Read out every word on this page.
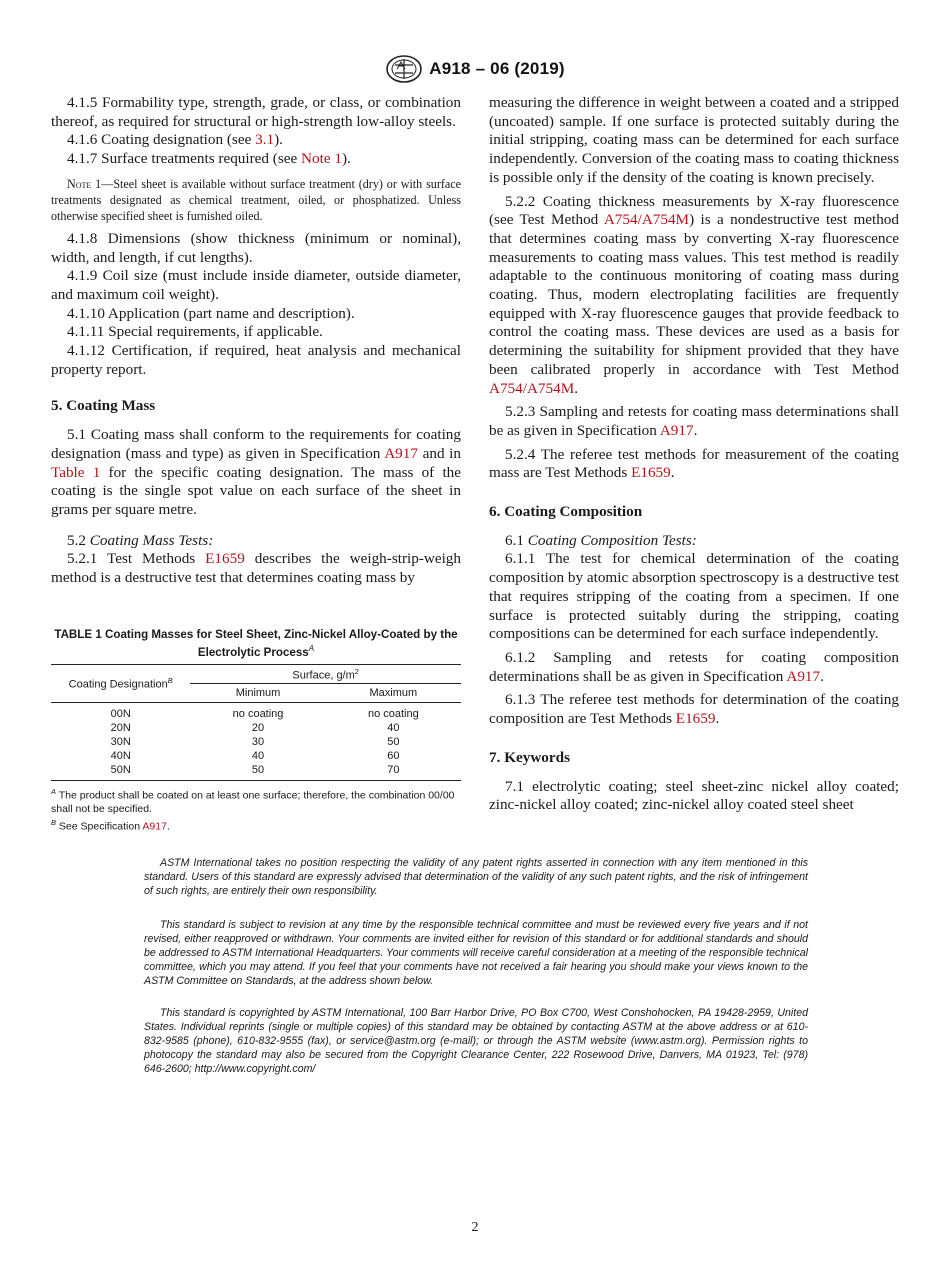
A918 – 06 (2019)

4.1.5 Formability type, strength, grade, or class, or combination thereof, as required for structural or high-strength low-alloy steels.

4.1.6 Coating designation (see 3.1).

4.1.7 Surface treatments required (see Note 1).

Note 1—Steel sheet is available without surface treatment (dry) or with surface treatments designated as chemical treatment, oiled, or phosphatized. Unless otherwise specified sheet is furnished oiled.

4.1.8 Dimensions (show thickness (minimum or nominal), width, and length, if cut lengths).

4.1.9 Coil size (must include inside diameter, outside diameter, and maximum coil weight).

4.1.10 Application (part name and description).

4.1.11 Special requirements, if applicable.

4.1.12 Certification, if required, heat analysis and mechanical property report.

5. Coating Mass

5.1 Coating mass shall conform to the requirements for coating designation (mass and type) as given in Specification A917 and in Table 1 for the specific coating designation. The mass of the coating is the single spot value on each surface of the sheet in grams per square metre.

5.2 Coating Mass Tests:

5.2.1 Test Methods E1659 describes the weigh-strip-weigh method is a destructive test that determines coating mass by

TABLE 1 Coating Masses for Steel Sheet, Zinc-Nickel Alloy-Coated by the Electrolytic Process$^A$
Coating Designation$^B$	Surface, $g/m^2$
	Minimum	Maximum
00N	no coating	no coating
20N	20	40
30N	30	50
40N	40	60
50N	50	70
$^A$ The product shall be coated on at least one surface; therefore, the combination 00/00 shall not be specified.
$^B$ See Specification A917.

measuring the difference in weight between a coated and a stripped (uncoated) sample. If one surface is protected suitably during the initial stripping, coating mass can be determined for each surface independently. Conversion of the coating mass to coating thickness is possible only if the density of the coating is known precisely.

5.2.2 Coating thickness measurements by X-ray fluorescence (see Test Method A754/A754M) is a nondestructive test method that determines coating mass by converting X-ray fluorescence measurements to coating mass values. This test method is readily adaptable to the continuous monitoring of coating mass during coating. Thus, modern electroplating facilities are frequently equipped with X-ray fluorescence gauges that provide feedback to control the coating mass. These devices are used as a basis for determining the suitability for shipment provided that they have been calibrated properly in accordance with Test Method A754/A754M.

5.2.3 Sampling and retests for coating mass determinations shall be as given in Specification A917.

5.2.4 The referee test methods for measurement of the coating mass are Test Methods E1659.

6. Coating Composition

6.1 Coating Composition Tests:

6.1.1 The test for chemical determination of the coating composition by atomic absorption spectroscopy is a destructive test that requires stripping of the coating from a specimen. If one surface is protected suitably during the stripping, coating compositions can be determined for each surface independently.

6.1.2 Sampling and retests for coating composition determinations shall be as given in Specification A917.

6.1.3 The referee test methods for determination of the coating composition are Test Methods E1659.

7. Keywords

7.1 electrolytic coating; steel sheet-zinc nickel alloy coated; zinc-nickel alloy coated; zinc-nickel alloy coated steel sheet

ASTM International takes no position respecting the validity of any patent rights asserted in connection with any item mentioned in this standard. Users of this standard are expressly advised that determination of the validity of any such patent rights, and the risk of infringement of such rights, are entirely their own responsibility.

This standard is subject to revision at any time by the responsible technical committee and must be reviewed every five years and if not revised, either reapproved or withdrawn. Your comments are invited either for revision of this standard or for additional standards and should be addressed to ASTM International Headquarters. Your comments will receive careful consideration at a meeting of the responsible technical committee, which you may attend. If you feel that your comments have not received a fair hearing you should make your views known to the ASTM Committee on Standards, at the address shown below.

This standard is copyrighted by ASTM International, 100 Barr Harbor Drive, PO Box C700, West Conshohocken, PA 19428-2959, United States. Individual reprints (single or multiple copies) of this standard may be obtained by contacting ASTM at the above address or at 610-832-9585 (phone), 610-832-9555 (fax), or service@astm.org (e-mail); or through the ASTM website (www.astm.org). Permission rights to photocopy the standard may also be secured from the Copyright Clearance Center, 222 Rosewood Drive, Danvers, MA 01923, Tel: (978) 646-2600; http://www.copyright.com/

2
